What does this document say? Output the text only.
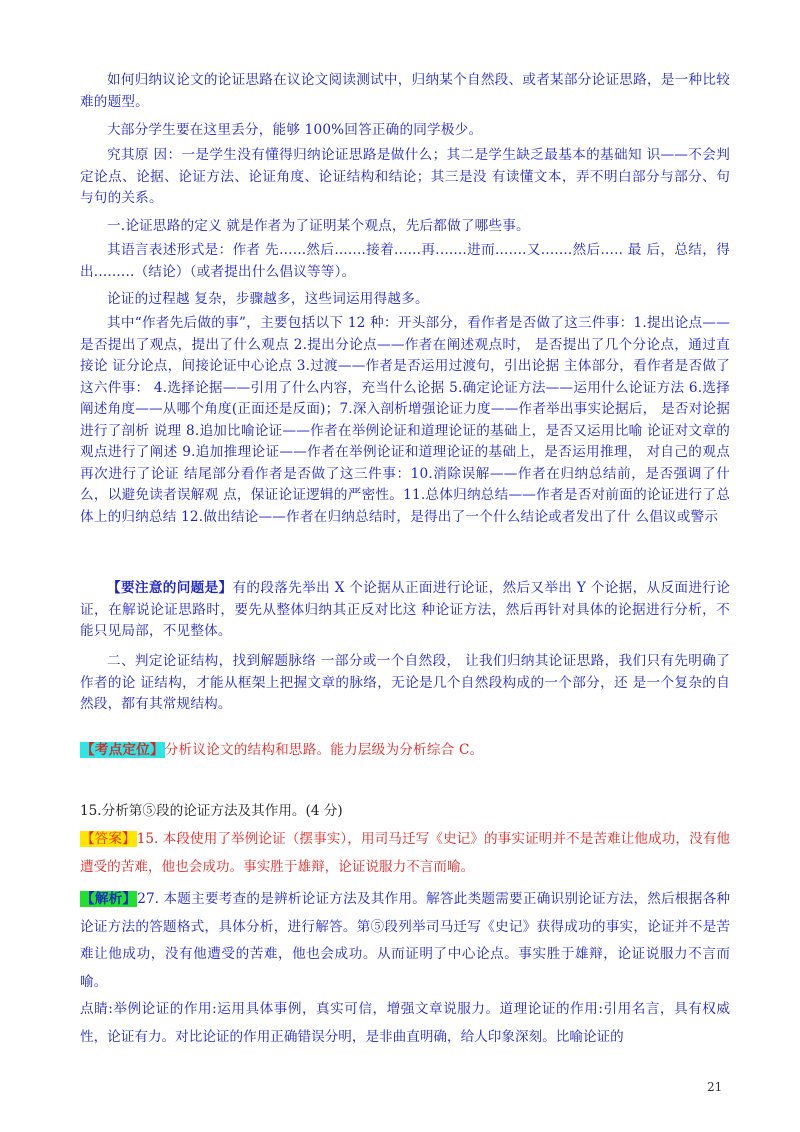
如何归纳议论文的论证思路在议论文阅读测试中，归纳某个自然段、或者某部分论证思路，是一种比较难的题型。
大部分学生要在这里丢分，能够 100%回答正确的同学极少。
究其原 因：一是学生没有懂得归纳论证思路是做什么；其二是学生缺乏最基本的基础知 识——不会判定论点、论据、论证方法、论证角度、论证结构和结论；其三是没 有读懂文本，弄不明白部分与部分、句与句的关系。
一.论证思路的定义 就是作者为了证明某个观点，先后都做了哪些事。
其语言表述形式是：作者 先......然后.......接着......再.......进而.......又.......然后..... 最 后，总结，得出.........（结论）（或者提出什么倡议等等）。
论证的过程越 复杂，步骤越多，这些词运用得越多。
其中“作者先后做的事”，主要包括以下 12 种：开头部分，看作者是否做了这三件事：1.提出论点——是否提出了观点，提出了什么观点 2.提出分论点——作者在阐述观点时， 是否提出了几个分论点，通过直接论 证分论点，间接论证中心论点 3.过渡——作者是否运用过渡句，引出论据 主体部分，看作者是否做了这六件事： 4.选择论据——引用了什么内容，充当什么论据 5.确定论证方法——运用什么论证方法 6.选择阐述角度——从哪个角度(正面还是反面)；7.深入剖析增强论证力度——作者举出事实论据后， 是否对论据进行了剖析 说理 8.追加比喻论证——作者在举例论证和道理论证的基础上，是否又运用比喻 论证对文章的观点进行了阐述 9.追加推理论证——作者在举例论证和道理论证的基础上，是否运用推理， 对自己的观点再次进行了论证 结尾部分看作者是否做了这三件事：10.消除误解——作者在归纳总结前，是否强调了什么，以避免读者误解观 点，保证论证逻辑的严密性。11.总体归纳总结——作者是否对前面的论证进行了总体上的归纳总结 12.做出结论——作者在归纳总结时，是得出了一个什么结论或者发出了什 么倡议或警示
【要注意的问题是】有的段落先举出 X 个论据从正面进行论证，然后又举出 Y 个论据，从反面进行论证，在解说论证思路时，要先从整体归纳其正反对比这 种论证方法，然后再针对具体的论据进行分析，不能只见局部，不见整体。
二、判定论证结构，找到解题脉络 一部分或一个自然段， 让我们归纳其论证思路，我们只有先明确了作者的论 证结构，才能从框架上把握文章的脉络，无论是几个自然段构成的一个部分，还 是一个复杂的自然段，都有其常规结构。
【考点定位】分析议论文的结构和思路。能力层级为分析综合 C。
15.分析第⑤段的论证方法及其作用。(4 分)
【答案】15. 本段使用了举例论证（摆事实），用司马迁写《史记》的事实证明并不是苦难让他成功，没有他遭受的苦难，他也会成功。事实胜于雄辩，论证说服力不言而喻。
【解析】27. 本题主要考查的是辨析论证方法及其作用。解答此类题需要正确识别论证方法，然后根据各种论证方法的答题格式，具体分析，进行解答。第⑤段列举司马迁写《史记》获得成功的事实，论证并不是苦难让他成功，没有他遭受的苦难，他也会成功。从而证明了中心论点。事实胜于雄辩，论证说服力不言而喻。
点睛:举例论证的作用:运用具体事例，真实可信，增强文章说服力。道理论证的作用:引用名言，具有权威性，论证有力。对比论证的作用正确错误分明，是非曲直明确，给人印象深刻。比喻论证的
21
